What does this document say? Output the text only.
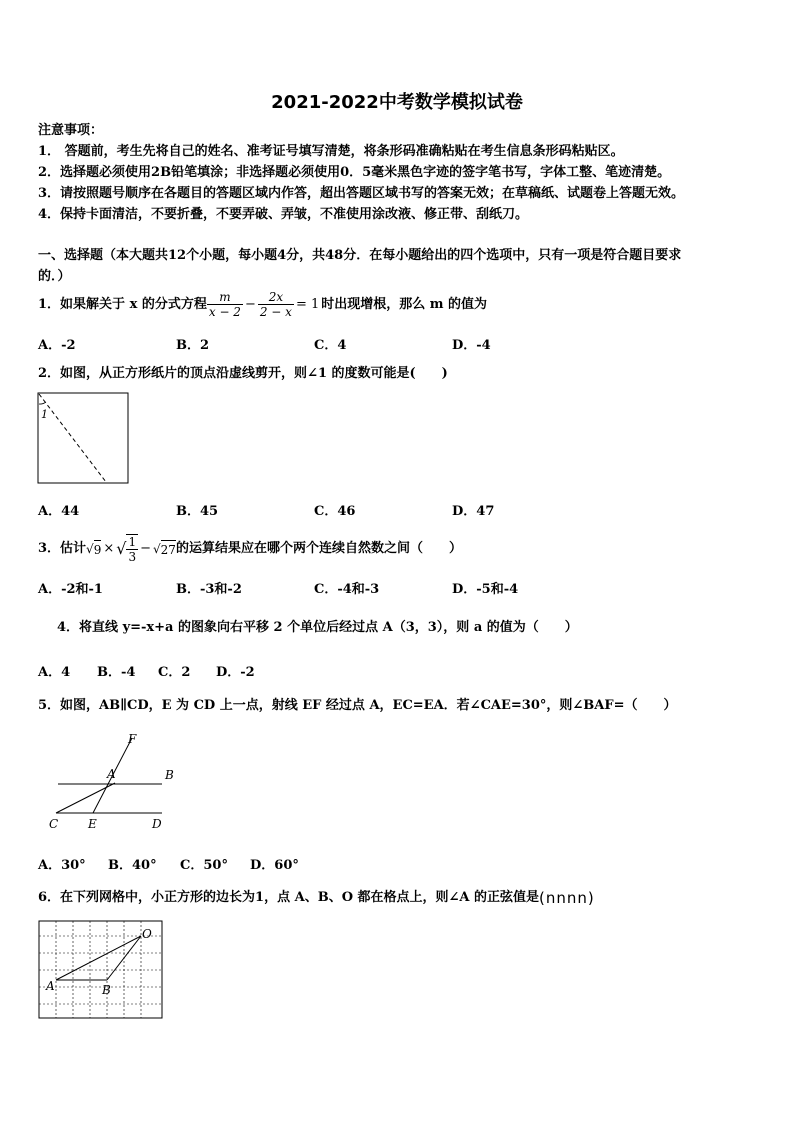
2021-2022中考数学模拟试卷
注意事项：
1． 答题前，考生先将自己的姓名、准考证号填写清楚，将条形码准确粘贴在考生信息条形码粘贴区。
2．选择题必须使用2B铅笔填涂；非选择题必须使用0．5毫米黑色字迹的签字笔书写，字体工整、笔迹清楚。
3．请按照题号顺序在各题目的答题区域内作答，超出答题区域书写的答案无效；在草稿纸、试题卷上答题无效。
4．保持卡面清洁，不要折叠，不要弄破、弄皱，不准使用涂改液、修正带、刮纸刀。
一、选择题（本大题共12个小题，每小题4分，共48分．在每小题给出的四个选项中，只有一项是符合题目要求
的．）
1．如果解关于 x 的分式方程 $\frac{m}{x - 2} - \frac{2x}{2 - x} = 1$ 时出现增根，那么 m 的值为
A．-2	B．2	C．4	D．-4
2．如图，从正方形纸片的顶点沿虚线剪开，则∠1 的度数可能是(　　)
1
A．44	B．45	C．46	D．47
3．估计 √ 9 × √ $\frac{1}{3}$ − √ 27 的运算结果应在哪个两个连续自然数之间（　　）
A．-2和-1	B．-3和-2	C．-4和-3	D．-5和-4
4．将直线 y=-x+a 的图象向右平移 2 个单位后经过点 A（3，3），则 a 的值为（　　）
A．4 B．-4 C．2 D．-2
5．如图，AB∥CD，E 为 CD 上一点，射线 EF 经过点 A，EC=EA．若∠CAE=30°，则∠BAF=（　　）
F
A	B
C E	D
A．30° B．40° C．50° D．60°
6．在下列网格中，小正方形的边长为1，点 A、B、O 都在格点上，则∠A 的正弦值是 (nnnn)
O
A	B
